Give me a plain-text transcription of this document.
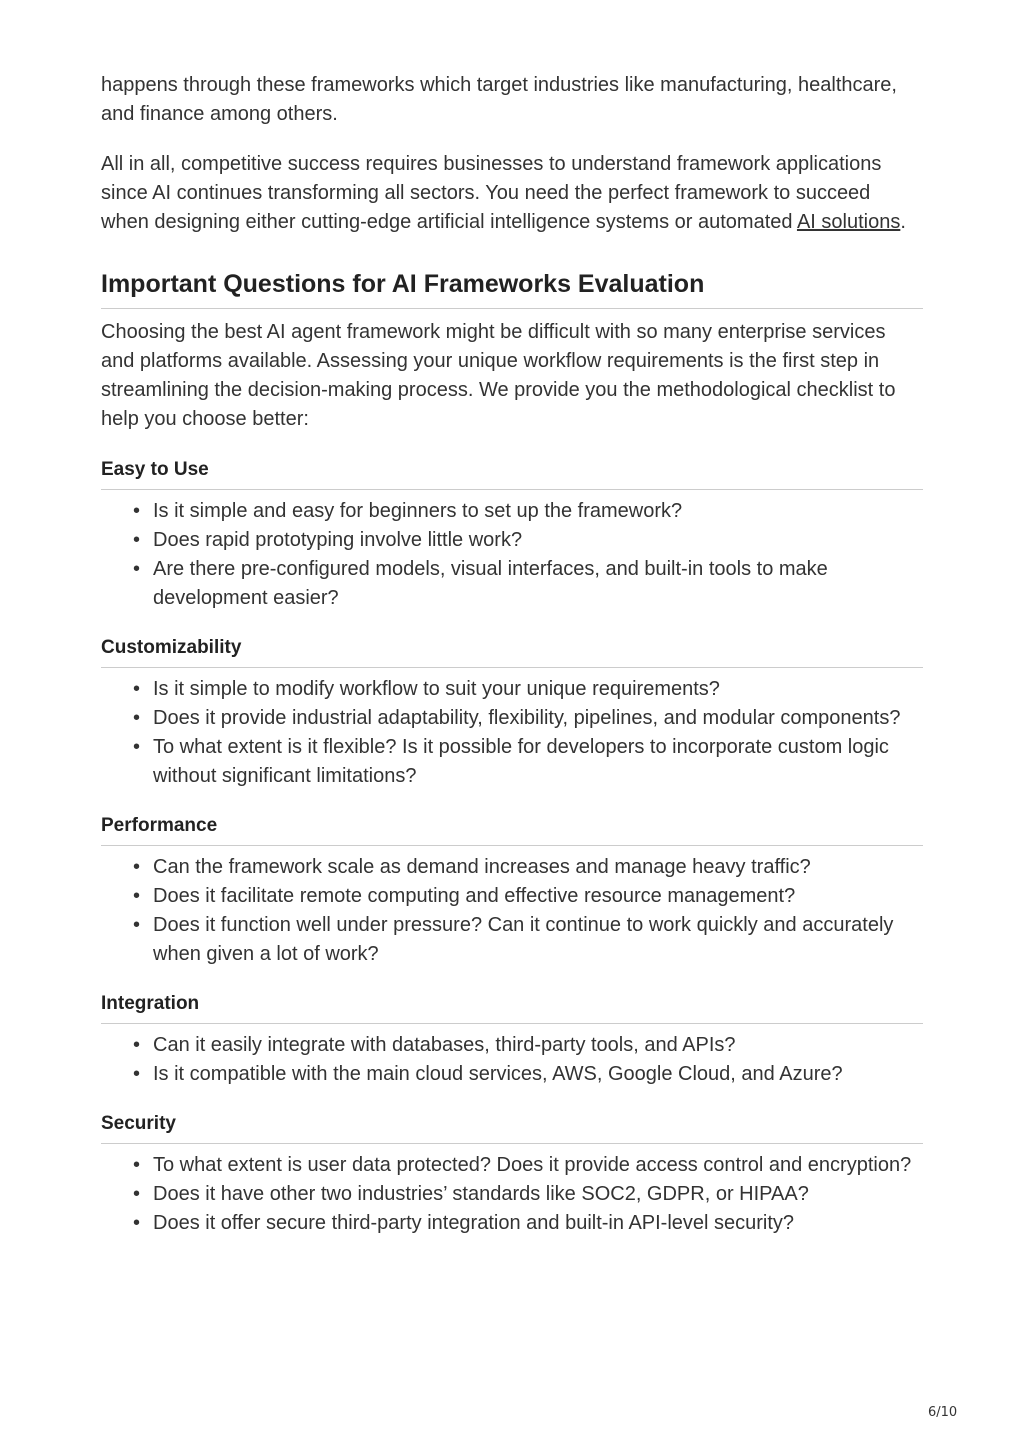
happens through these frameworks which target industries like manufacturing, healthcare, and finance among others.

All in all, competitive success requires businesses to understand framework applications since AI continues transforming all sectors. You need the perfect framework to succeed when designing either cutting-edge artificial intelligence systems or automated AI solutions.

Important Questions for AI Frameworks Evaluation

Choosing the best AI agent framework might be difficult with so many enterprise services and platforms available. Assessing your unique workflow requirements is the first step in streamlining the decision-making process. We provide you the methodological checklist to help you choose better:

Easy to Use
• Is it simple and easy for beginners to set up the framework?
• Does rapid prototyping involve little work?
• Are there pre-configured models, visual interfaces, and built-in tools to make development easier?
Customizability
• Is it simple to modify workflow to suit your unique requirements?
• Does it provide industrial adaptability, flexibility, pipelines, and modular components?
• To what extent is it flexible? Is it possible for developers to incorporate custom logic without significant limitations?
Performance
• Can the framework scale as demand increases and manage heavy traffic?
• Does it facilitate remote computing and effective resource management?
• Does it function well under pressure? Can it continue to work quickly and accurately when given a lot of work?
Integration
• Can it easily integrate with databases, third-party tools, and APIs?
• Is it compatible with the main cloud services, AWS, Google Cloud, and Azure?
Security
• To what extent is user data protected? Does it provide access control and encryption?
• Does it have other two industries’ standards like SOC2, GDPR, or HIPAA?
• Does it offer secure third-party integration and built-in API-level security?
6/10
